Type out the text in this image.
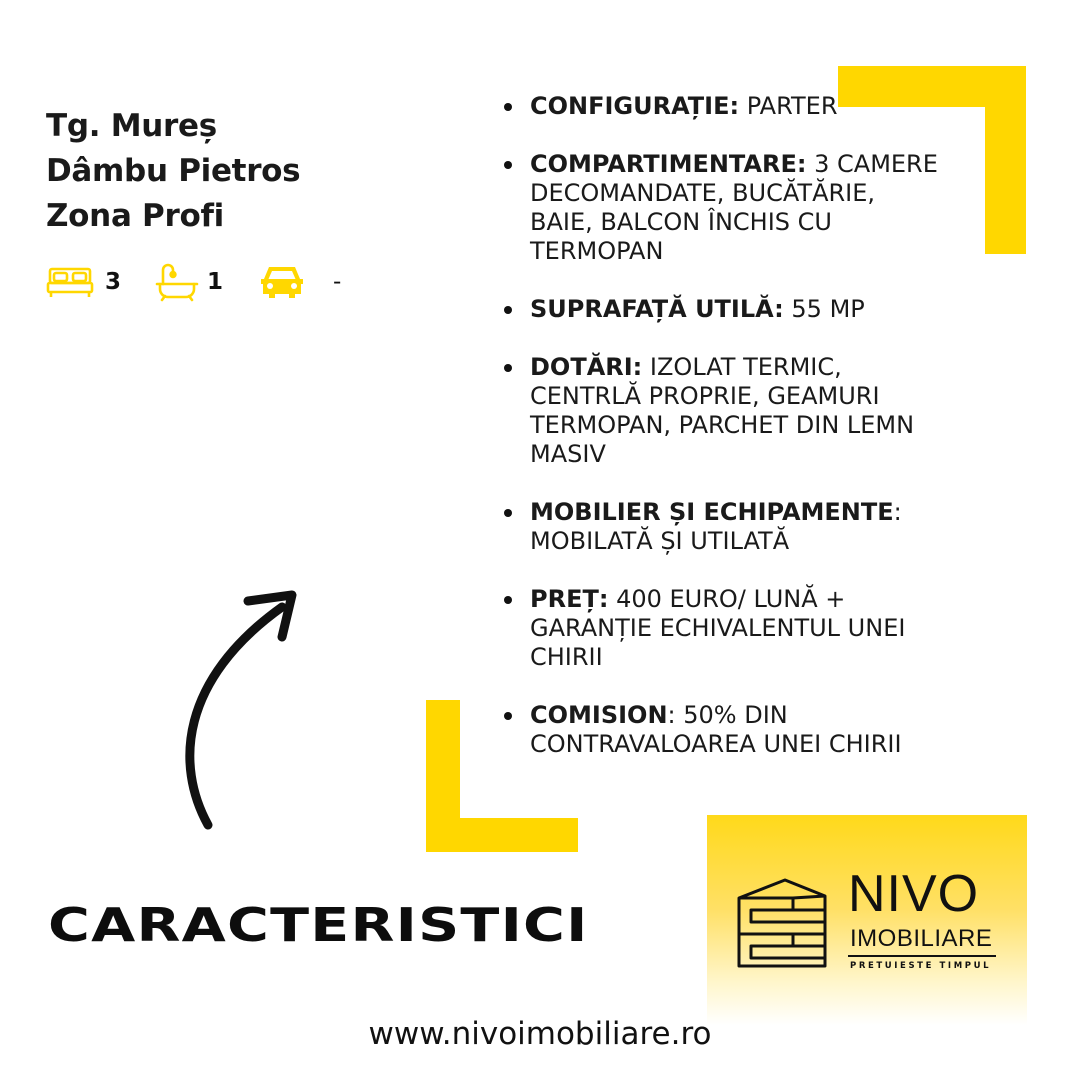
Tg. Mureș
Dâmbu Pietros
Zona Profi
3	1	-
CONFIGURAȚIE: PARTER
COMPARTIMENTARE: 3 CAMERE DECOMANDATE, BUCĂTĂRIE, BAIE, BALCON ÎNCHIS CU TERMOPAN
SUPRAFAȚĂ UTILĂ: 55 MP
DOTĂRI: IZOLAT TERMIC, CENTRLĂ PROPRIE, GEAMURI TERMOPAN, PARCHET DIN LEMN MASIV
MOBILIER ȘI ECHIPAMENTE: MOBILATĂ ȘI UTILATĂ
PREȚ: 400 EURO/ LUNĂ + GARANȚIE ECHIVALENTUL UNEI CHIRII
COMISION: 50% DIN CONTRAVALOAREA UNEI CHIRII
CARACTERISTICI
NIVO
IMOBILIARE
PRETUIESTE TIMPUL
www.nivoimobiliare.ro
